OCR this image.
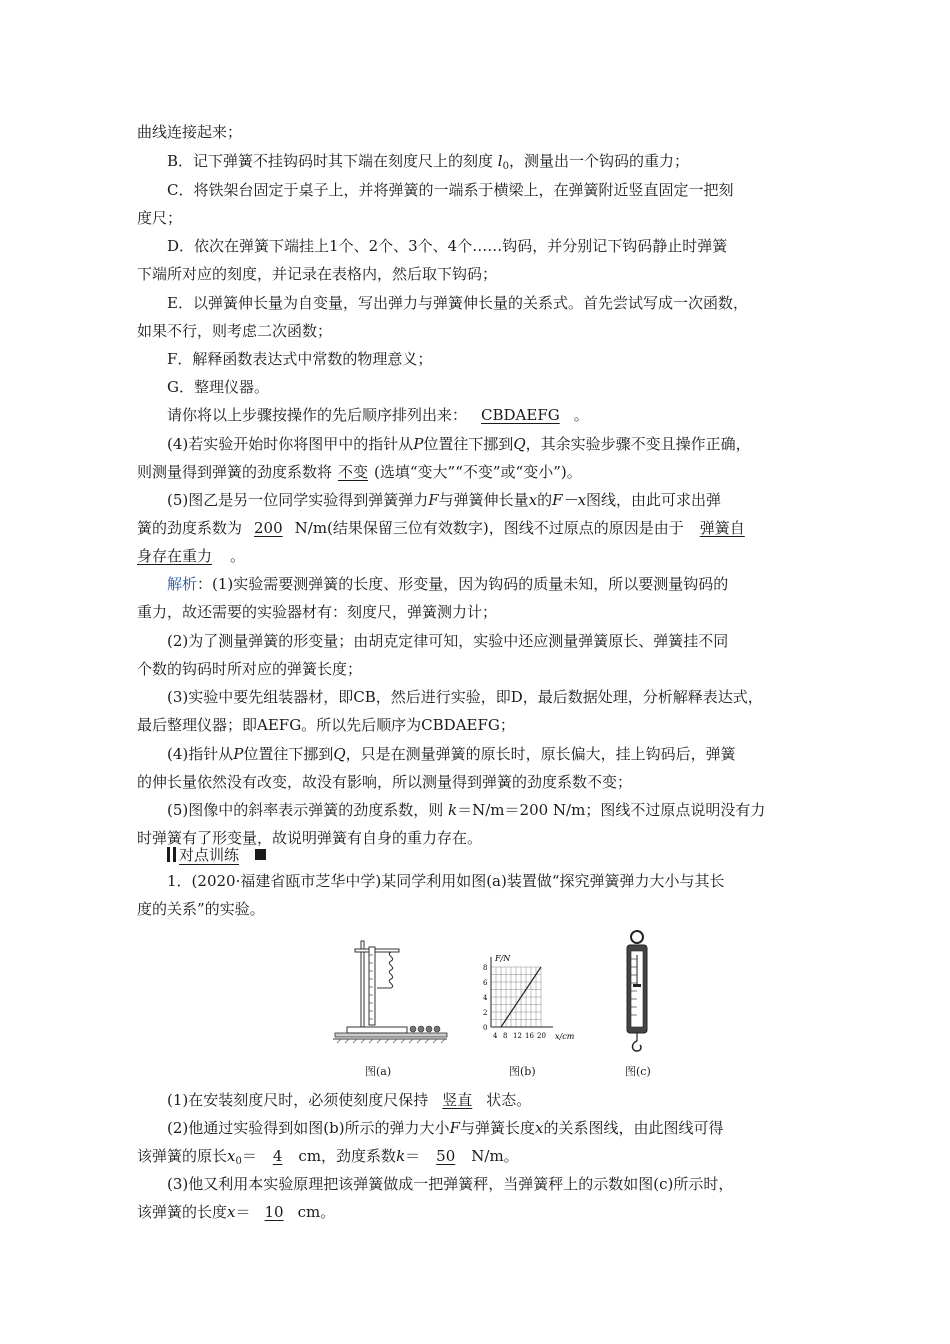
曲线连接起来；
B．记下弹簧不挂钩码时其下端在刻度尺上的刻度 $l_0$，测量出一个钩码的重力；
C．将铁架台固定于桌子上，并将弹簧的一端系于横梁上，在弹簧附近竖直固定一把刻
度尺；
D．依次在弹簧下端挂上1个、2个、3个、4个……钩码，并分别记下钩码静止时弹簧
下端所对应的刻度，并记录在表格内，然后取下钩码；
E．以弹簧伸长量为自变量，写出弹力与弹簧伸长量的关系式。首先尝试写成一次函数，
如果不行，则考虑二次函数；
F．解释函数表达式中常数的物理意义；
G．整理仪器。
请你将以上步骤按操作的先后顺序排列出来： CBDAEFG 。
(4)若实验开始时你将图甲中的指针从P位置往下挪到Q，其余实验步骤不变且操作正确，
则测量得到弹簧的劲度系数将 不变 (选填“变大”“不变”或“变小”)。
(5)图乙是另一位同学实验得到弹簧弹力F与弹簧伸长量x的F－x图线，由此可求出弹
簧的劲度系数为 200 N/m(结果保留三位有效数字)，图线不过原点的原因是由于 弹簧自
身存在重力 。
解析：(1)实验需要测弹簧的长度、形变量，因为钩码的质量未知，所以要测量钩码的
重力，故还需要的实验器材有：刻度尺，弹簧测力计；
(2)为了测量弹簧的形变量；由胡克定律可知，实验中还应测量弹簧原长、弹簧挂不同
个数的钩码时所对应的弹簧长度；
(3)实验中要先组装器材，即CB，然后进行实验，即D，最后数据处理，分析解释表达式，
最后整理仪器；即AEFG。所以先后顺序为CBDAEFG；
(4)指针从P位置往下挪到Q，只是在测量弹簧的原长时，原长偏大，挂上钩码后，弹簧
的伸长量依然没有改变，故没有影响，所以测量得到弹簧的劲度系数不变；
(5)图像中的斜率表示弹簧的劲度系数，则 k＝N/m＝200 N/m；图线不过原点说明没有力
时弹簧有了形变量，故说明弹簧有自身的重力存在。
对点训练
1．(2020·福建省瓯市芝华中学)某同学利用如图(a)装置做“探究弹簧弹力大小与其长
度的关系”的实验。
图(a)
F/N
x/cm
8
6
4
2
0
4 8 12 16 20
图(b)	图(c)
(1)在安装刻度尺时，必须使刻度尺保持 竖直 状态。
(2)他通过实验得到如图(b)所示的弹力大小F与弹簧长度x的关系图线，由此图线可得
该弹簧的原长$x_0= 4$ cm，劲度系数k＝ 50 N/m。
(3)他又利用本实验原理把该弹簧做成一把弹簧秤，当弹簧秤上的示数如图(c)所示时，
该弹簧的长度x＝ 10 cm。
